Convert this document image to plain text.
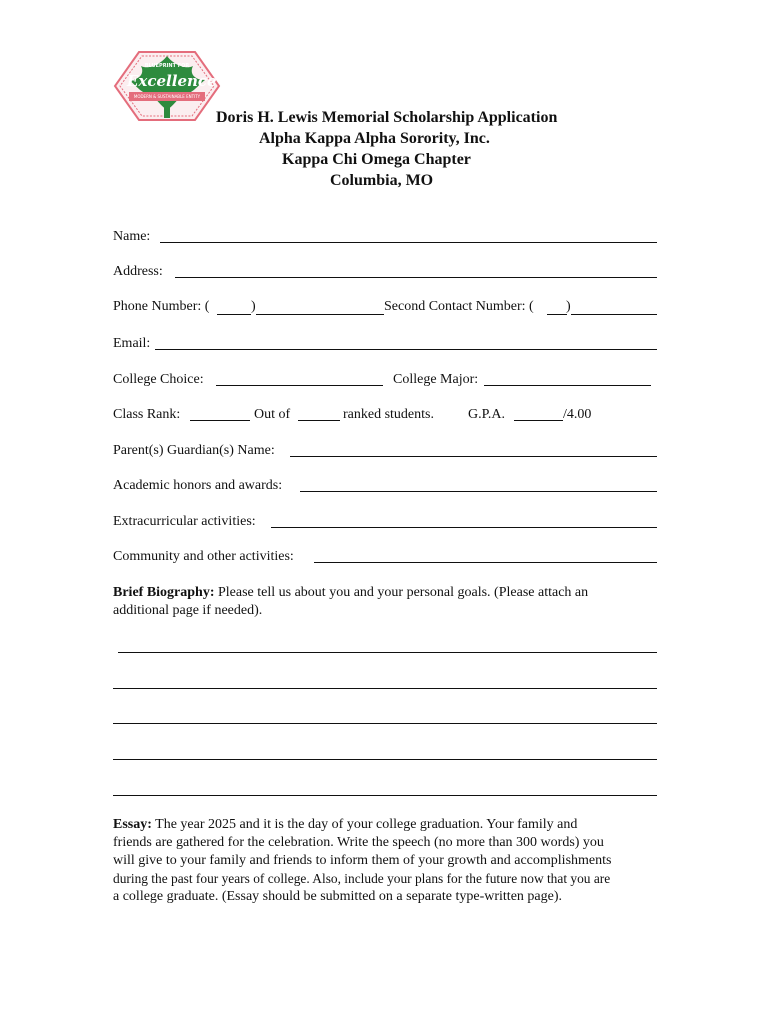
BLUEPRINT FOR
Excellence
MODERN & SUSTAINABLE ENTITY
Doris H. Lewis Memorial Scholarship Application
Alpha Kappa Alpha Sorority, Inc.
Kappa Chi Omega Chapter
Columbia, MO
Name:
Address:
Phone Number: (	)	Second Contact Number: ( )
Email:
College Choice:	College Major:
Class Rank:	Out of	ranked students. G.P.A.	/4.00
Parent(s) Guardian(s) Name:
Academic honors and awards:
Extracurricular activities:
Community and other activities:
Brief Biography: Please tell us about you and your personal goals. (Please attach an
additional page if needed).
Essay: The year 2025 and it is the day of your college graduation. Your family and
friends are gathered for the celebration. Write the speech (no more than 300 words) you
will give to your family and friends to inform them of your growth and accomplishments
during the past four years of college. Also, include your plans for the future now that you are
a college graduate. (Essay should be submitted on a separate type-written page).
